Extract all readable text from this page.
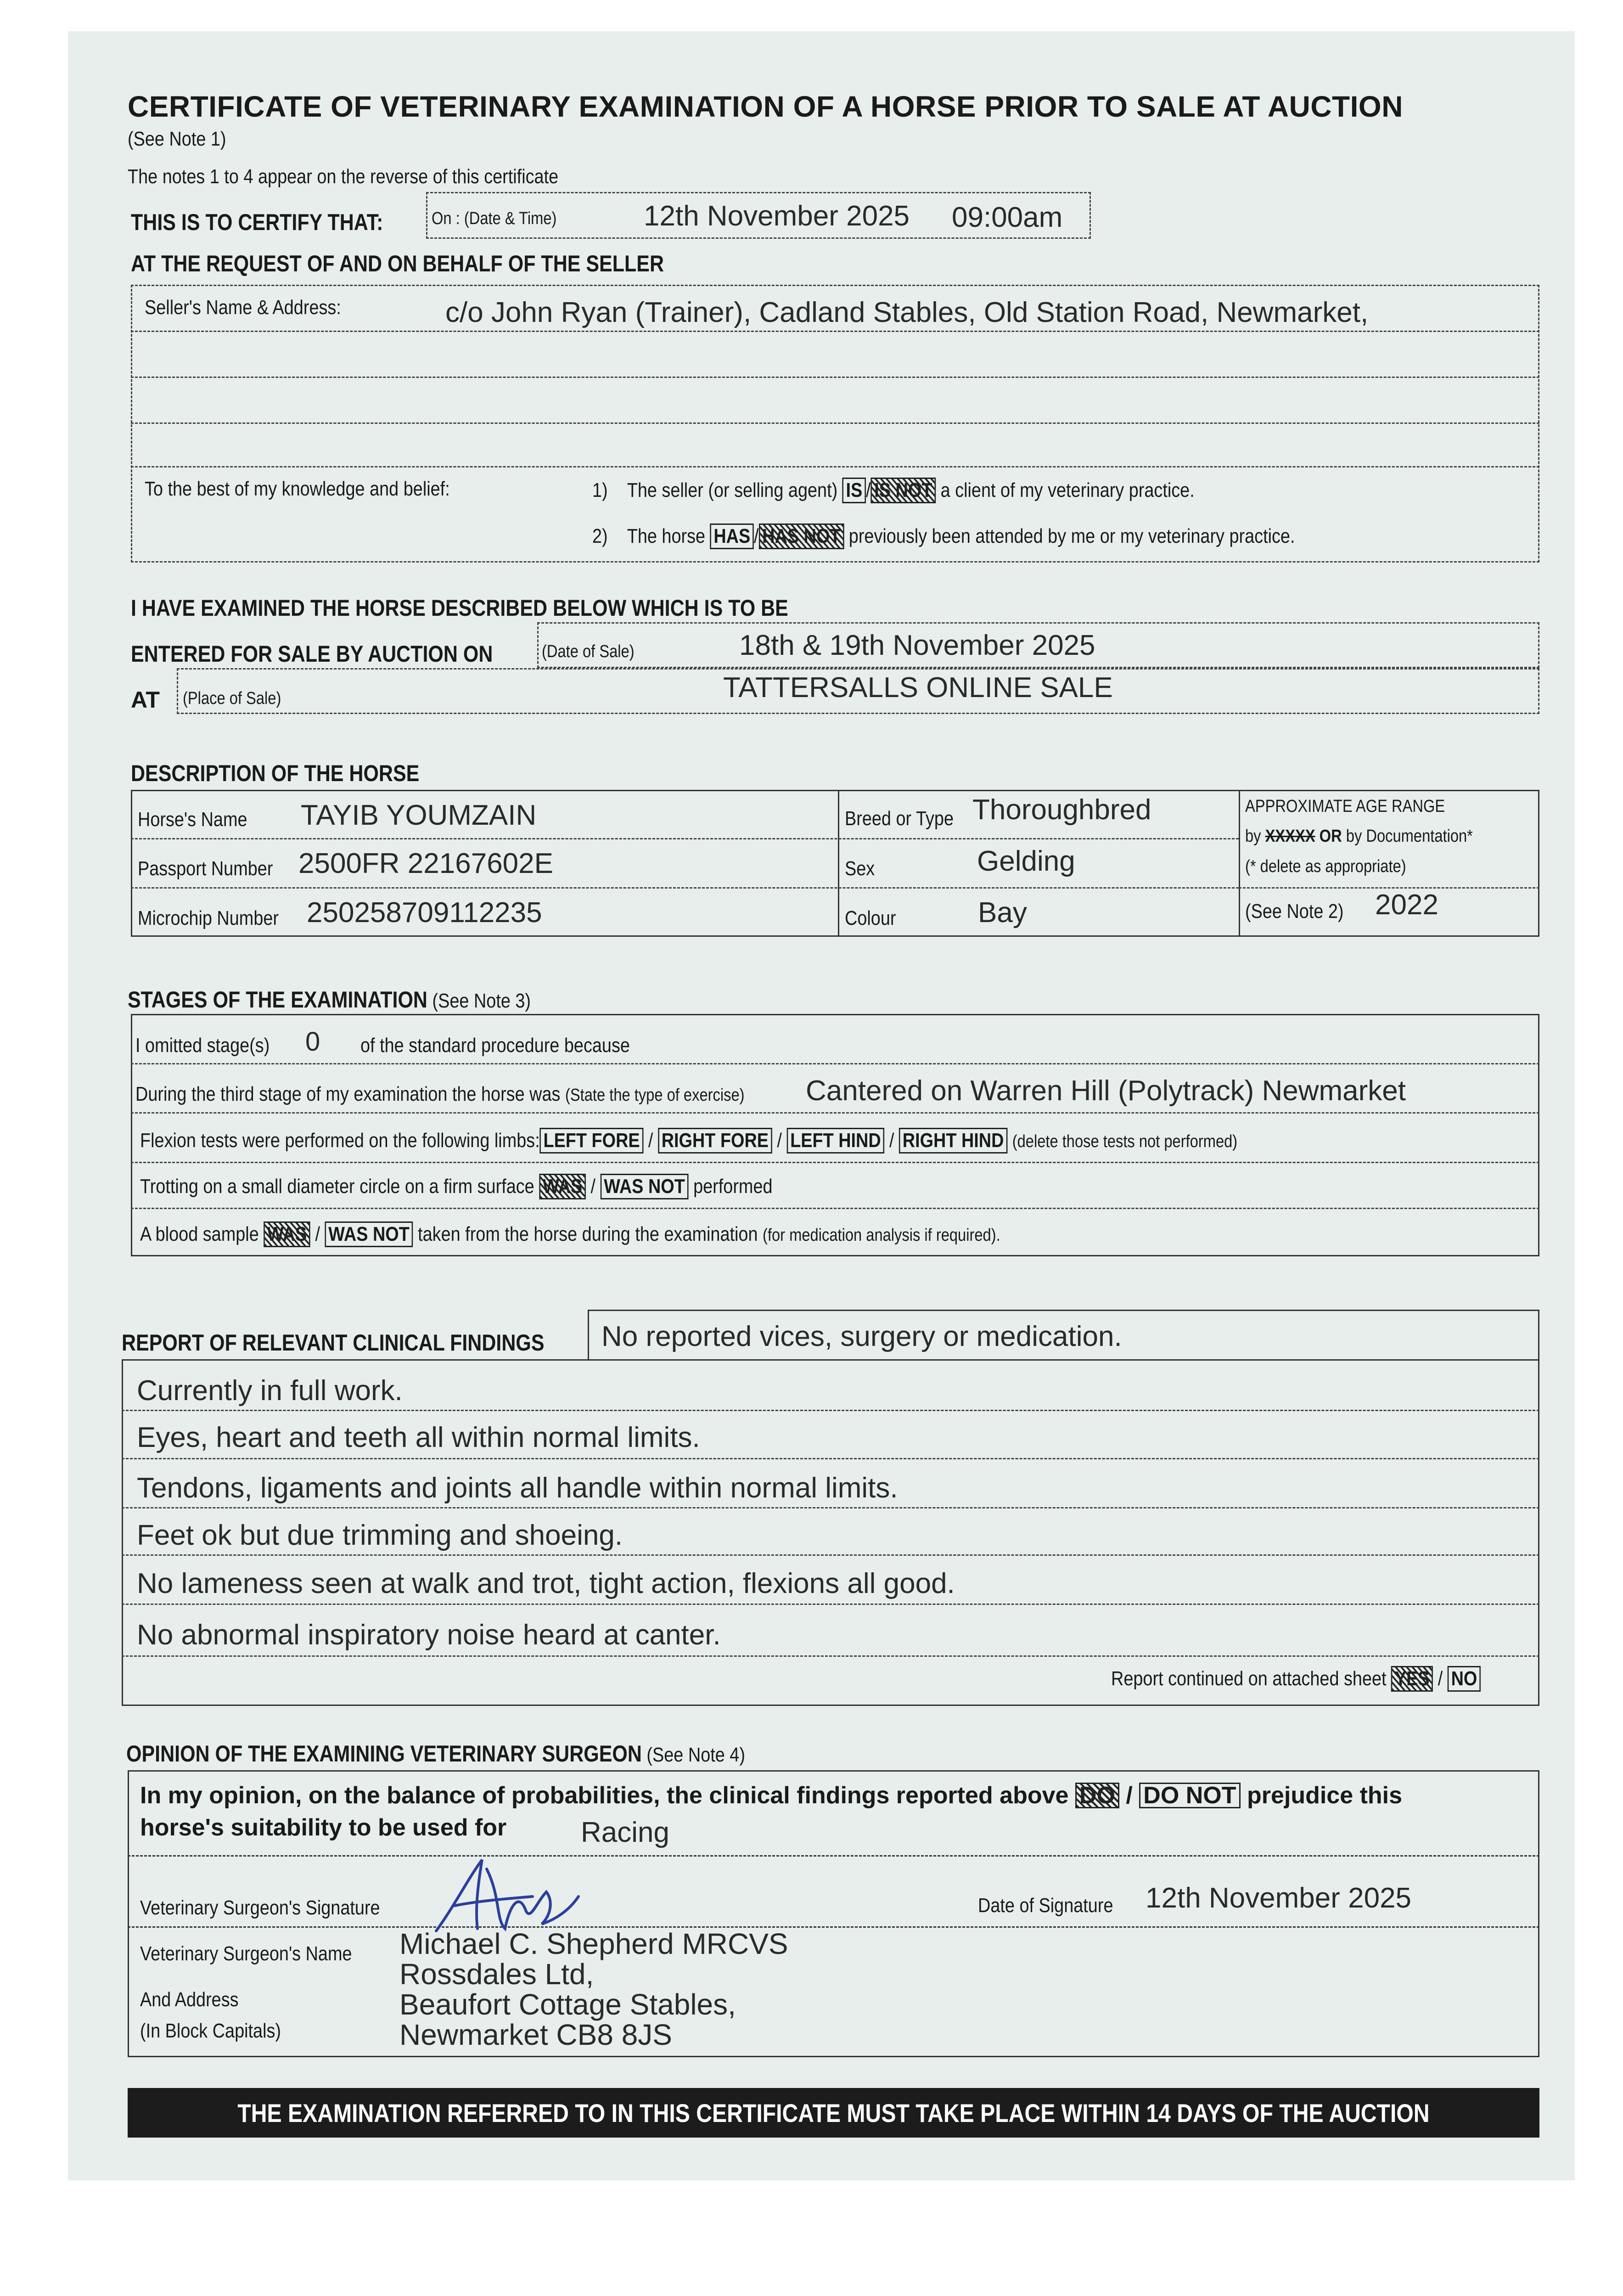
CERTIFICATE OF VETERINARY EXAMINATION OF A HORSE PRIOR TO SALE AT AUCTION
(See Note 1)
The notes 1 to 4 appear on the reverse of this certificate
THIS IS TO CERTIFY THAT:	On : (Date & Time)	12th November 2025 09:00am
AT THE REQUEST OF AND ON BEHALF OF THE SELLER
Seller's Name & Address:	c/o John Ryan (Trainer), Cadland Stables, Old Station Road, Newmarket,
To the best of my knowledge and belief:	1) The seller (or selling agent) IS / IS NOT a client of my veterinary practice.
2) The horse HAS / HAS NOT previously been attended by me or my veterinary practice.
I HAVE EXAMINED THE HORSE DESCRIBED BELOW WHICH IS TO BE
ENTERED FOR SALE BY AUCTION ON	(Date of Sale)	18th & 19th November 2025
AT (Place of Sale)	TATTERSALLS ONLINE SALE
DESCRIPTION OF THE HORSE
Horse's Name	TAYIB YOUMZAIN
Passport Number 2500FR 22167602E
Microchip Number 250258709112235
Breed or Type Thoroughbred
Sex	Gelding
Colour	Bay
APPROXIMATE AGE RANGE
by XXXXX OR by Documentation*
(* delete as appropriate)
(See Note 2)	2022
STAGES OF THE EXAMINATION (See Note 3)
I omitted stage(s)	0 of the standard procedure because
During the third stage of my examination the horse was (State the type of exercise)	Cantered on Warren Hill (Polytrack) Newmarket
Flexion tests were performed on the following limbs: LEFT FORE / RIGHT FORE / LEFT HIND / RIGHT HIND (delete those tests not performed)
Trotting on a small diameter circle on a firm surface WAS / WAS NOT performed
A blood sample WAS / WAS NOT taken from the horse during the examination (for medication analysis if required).
REPORT OF RELEVANT CLINICAL FINDINGS	No reported vices, surgery or medication.
Currently in full work.
Eyes, heart and teeth all within normal limits.
Tendons, ligaments and joints all handle within normal limits.
Feet ok but due trimming and shoeing.
No lameness seen at walk and trot, tight action, flexions all good.
No abnormal inspiratory noise heard at canter.
Report continued on attached sheet YES / NO
OPINION OF THE EXAMINING VETERINARY SURGEON (See Note 4)
In my opinion, on the balance of probabilities, the clinical findings reported above DO / DO NOT prejudice this
horse's suitability to be used for	Racing
Veterinary Surgeon's Signature	Date of Signature	12th November 2025
Veterinary Surgeon's Name
And Address
(In Block Capitals)
Michael C. Shepherd MRCVS
Rossdales Ltd,
Beaufort Cottage Stables,
Newmarket CB8 8JS
THE EXAMINATION REFERRED TO IN THIS CERTIFICATE MUST TAKE PLACE WITHIN 14 DAYS OF THE AUCTION
